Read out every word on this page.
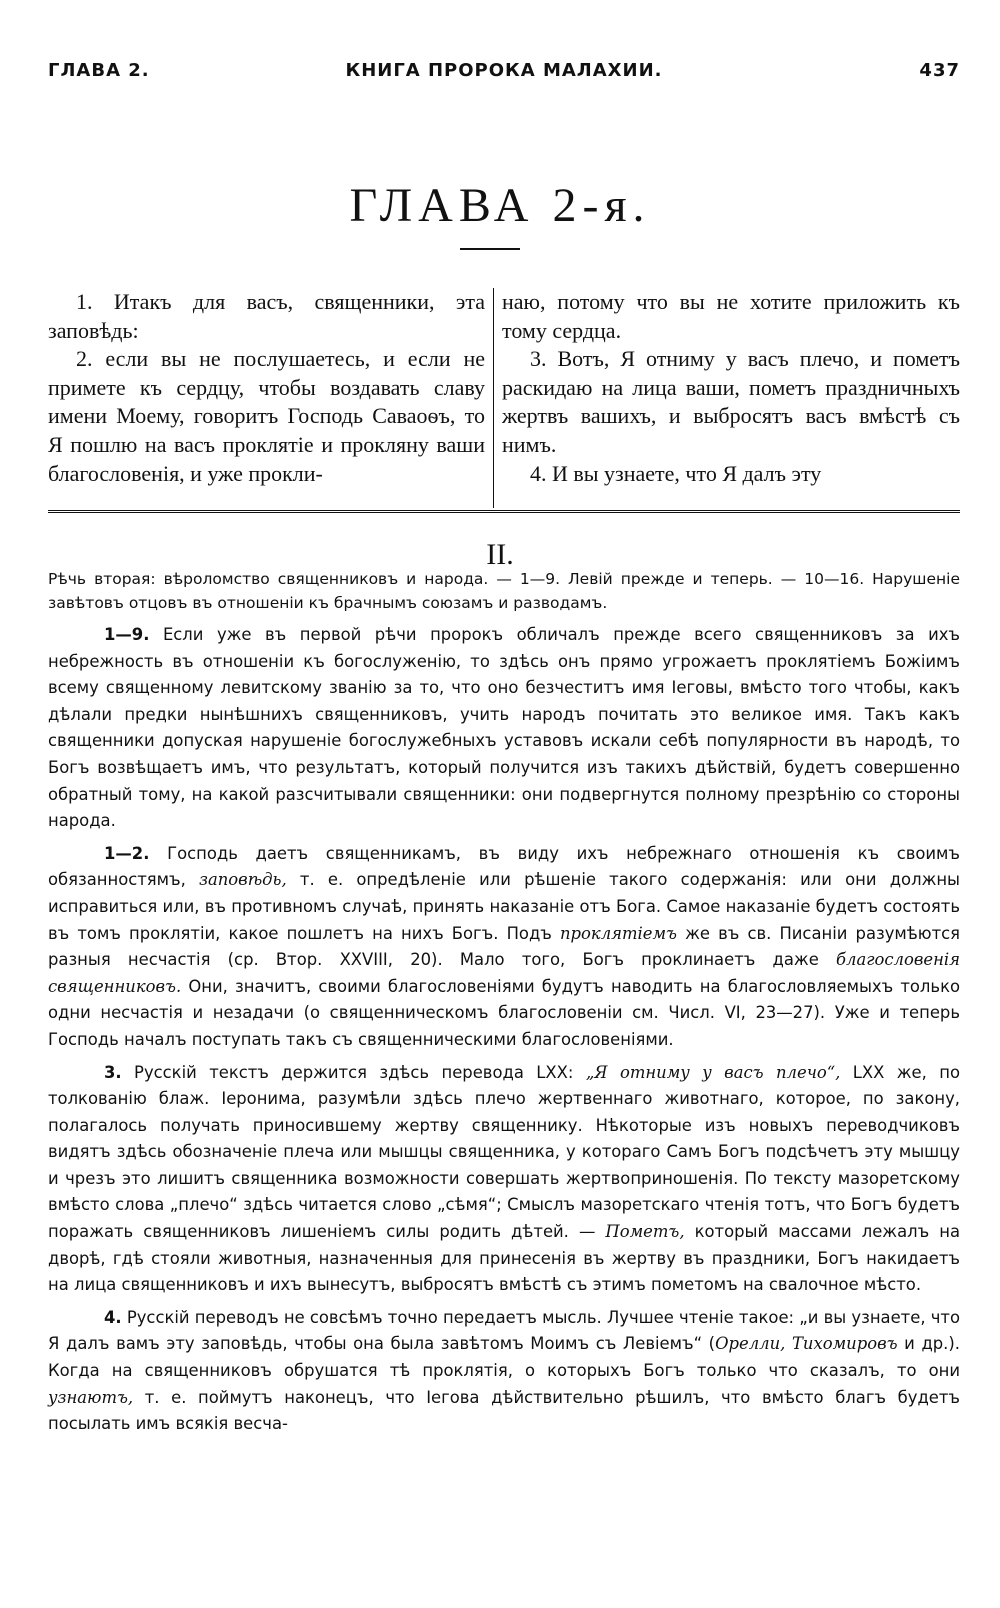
ГЛАВА 2.	КНИГА ПРОРОКА МАЛАХИИ.	437
ГЛАВА 2-я.

1. Итакъ для васъ, священники, эта заповѣдь:

2. если вы не послушаетесь, и если не примете къ сердцу, чтобы воздавать славу имени Моему, говоритъ Господь Саваоѳъ, то Я пошлю на васъ проклятіе и прокляну ваши благословенія, и уже прокли-

наю, потому что вы не хотите приложить къ тому сердца.

3. Вотъ, Я отниму у васъ плечо, и пометъ раскидаю на лица ваши, пометъ праздничныхъ жертвъ вашихъ, и выбросятъ васъ вмѣстѣ съ нимъ.

4. И вы узнаете, что Я далъ эту

II.
Рѣчь вторая: вѣроломство священниковъ и народа. — 1—9. Левій прежде и теперь. — 10—16. Нарушеніе завѣтовъ отцовъ въ отношеніи къ брачнымъ союзамъ и разводамъ.

1—9. Если уже въ первой рѣчи пророкъ обличалъ прежде всего священниковъ за ихъ небрежность въ отношеніи къ богослуженію, то здѣсь онъ прямо угрожаетъ проклятіемъ Божіимъ всему священному левитскому званію за то, что оно безчеститъ имя Іеговы, вмѣсто того чтобы, какъ дѣлали предки нынѣшнихъ священниковъ, учить народъ почитать это великое имя. Такъ какъ священники допуская нарушеніе богослужебныхъ уставовъ искали себѣ популярности въ народѣ, то Богъ возвѣщаетъ имъ, что результатъ, который получится изъ такихъ дѣйствій, будетъ совершенно обратный тому, на какой разсчитывали священники: они подвергнутся полному презрѣнію со стороны народа.

1—2. Господь даетъ священникамъ, въ виду ихъ небрежнаго отношенія къ своимъ обязанностямъ, заповѣдь, т. е. опредѣленіе или рѣшеніе такого содержанія: или они должны исправиться или, въ противномъ случаѣ, принять наказаніе отъ Бога. Самое наказаніе будетъ состоять въ томъ проклятіи, какое пошлетъ на нихъ Богъ. Подъ проклятіемъ же въ св. Писаніи разумѣются разныя несчастія (ср. Втор. XXVIII, 20). Мало того, Богъ проклинаетъ даже благословенія священниковъ. Они, значитъ, своими благословеніями будутъ наводить на благословляемыхъ только одни несчастія и незадачи (о священническомъ благословеніи см. Числ. VI, 23—27). Уже и теперь Господь началъ поступать такъ съ священническими благословеніями.

3. Русскій текстъ держится здѣсь перевода LXX: „Я отниму у васъ плечо“, LXX же, по толкованію блаж. Іеронима, разумѣли здѣсь плечо жертвеннаго животнаго, которое, по закону, полагалось получать приносившему жертву священнику. Нѣкоторые изъ новыхъ переводчиковъ видятъ здѣсь обозначеніе плеча или мышцы священника, у котораго Самъ Богъ подсѣчетъ эту мышцу и чрезъ это лишитъ священника возможности совершать жертвоприношенія. По тексту мазоретскому вмѣсто слова „плечо“ здѣсь читается слово „сѣмя“; Смыслъ мазоретскаго чтенія тотъ, что Богъ будетъ поражать священниковъ лишеніемъ силы родить дѣтей. — Пометъ, который массами лежалъ на дворѣ, гдѣ стояли животныя, назначенныя для принесенія въ жертву въ праздники, Богъ накидаетъ на лица священниковъ и ихъ вынесутъ, выбросятъ вмѣстѣ съ этимъ пометомъ на свалочное мѣсто.

4. Русскій переводъ не совсѣмъ точно передаетъ мысль. Лучшее чтеніе такое: „и вы узнаете, что Я далъ вамъ эту заповѣдь, чтобы она была завѣтомъ Моимъ съ Левіемъ“ (Орелли, Тихомировъ и др.). Когда на священниковъ обрушатся тѣ проклятія, о которыхъ Богъ только что сказалъ, то они узнаютъ, т. е. поймутъ наконецъ, что Іегова дѣйствительно рѣшилъ, что вмѣсто благъ будетъ посылать имъ всякія весча-
